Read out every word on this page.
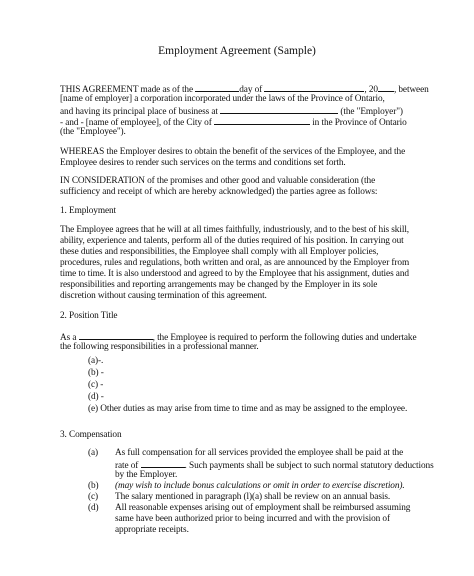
Employment Agreement (Sample)
THIS AGREEMENT made as of the	day of	, 20 , between
[name of employer] a corporation incorporated under the laws of the Province of Ontario,
and having its principal place of business at	(the "Employer")
- and - [name of employee], of the City of	in the Province of Ontario
(the "Employee").
WHEREAS the Employer desires to obtain the benefit of the services of the Employee, and the
Employee desires to render such services on the terms and conditions set forth.
IN CONSIDERATION of the promises and other good and valuable consideration (the
sufficiency and receipt of which are hereby acknowledged) the parties agree as follows:
1. Employment
The Employee agrees that he will at all times faithfully, industriously, and to the best of his skill,
ability, experience and talents, perform all of the duties required of his position. In carrying out
these duties and responsibilities, the Employee shall comply with all Employer policies,
procedures, rules and regulations, both written and oral, as are announced by the Employer from
time to time. It is also understood and agreed to by the Employee that his assignment, duties and
responsibilities and reporting arrangements may be changed by the Employer in its sole
discretion without causing termination of this agreement.
2. Position Title
As a	, the Employee is required to perform the following duties and undertake
the following responsibilities in a professional manner.
(a)-.
(b) -
(c) -
(d) -
(e) Other duties as may arise from time to time and as may be assigned to the employee.
3. Compensation
(a) As full compensation for all services provided the employee shall be paid at the
rate of	. Such payments shall be subject to such normal statutory deductions
by the Employer.
(b) (may wish to include bonus calculations or omit in order to exercise discretion).
(c) The salary mentioned in paragraph (l)(a) shall be review on an annual basis.
(d) All reasonable expenses arising out of employment shall be reimbursed assuming
same have been authorized prior to being incurred and with the provision of
appropriate receipts.
